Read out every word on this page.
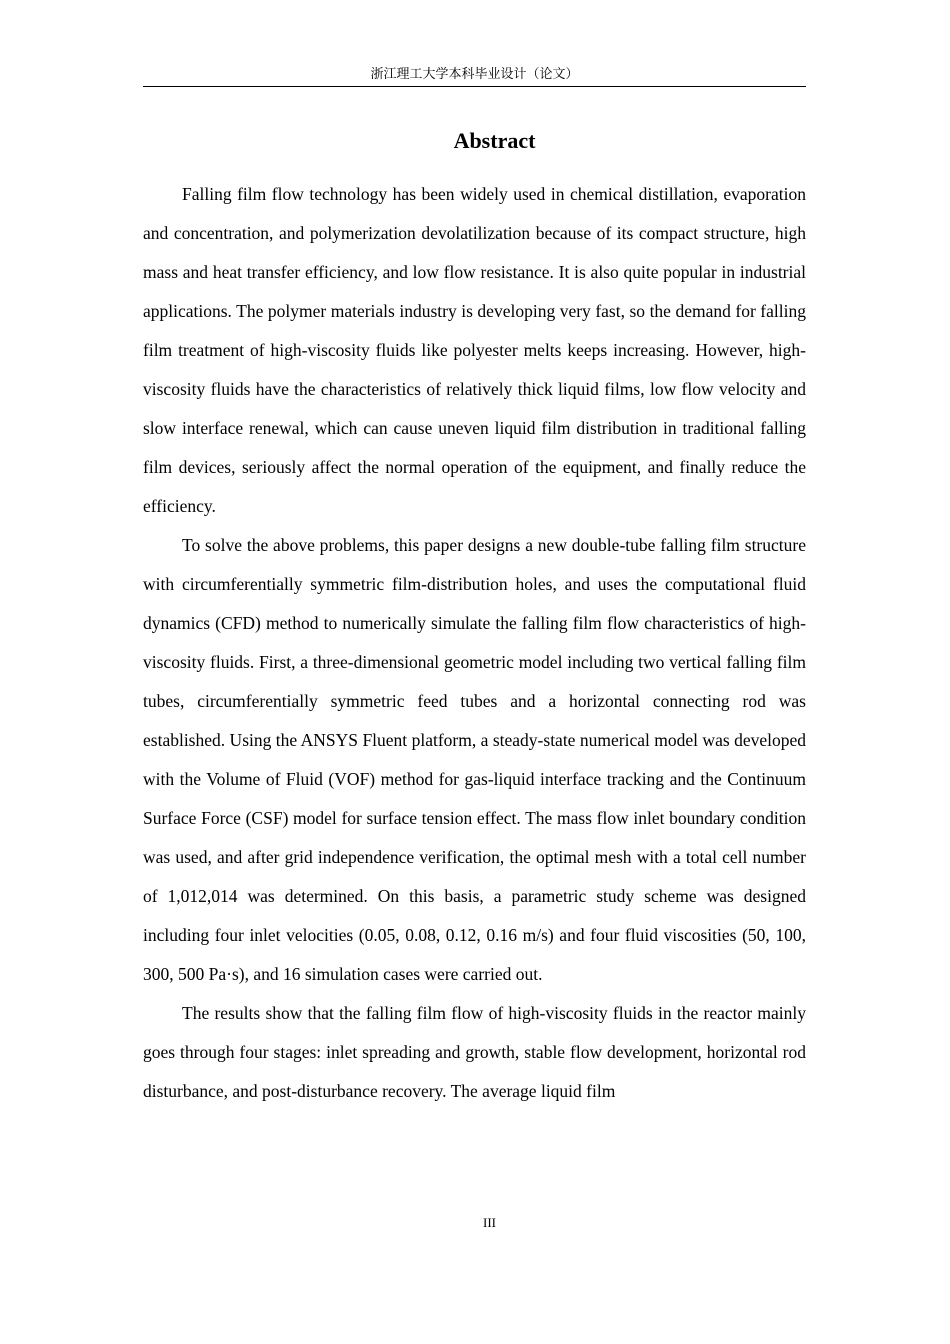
浙江理工大学本科毕业设计（论文）
Abstract

Falling film flow technology has been widely used in chemical distillation, evaporation and concentration, and polymerization devolatilization because of its compact structure, high mass and heat transfer efficiency, and low flow resistance. It is also quite popular in industrial applications. The polymer materials industry is developing very fast, so the demand for falling film treatment of high-viscosity fluids like polyester melts keeps increasing. However, high-viscosity fluids have the characteristics of relatively thick liquid films, low flow velocity and slow interface renewal, which can cause uneven liquid film distribution in traditional falling film devices, seriously affect the normal operation of the equipment, and finally reduce the efficiency.

To solve the above problems, this paper designs a new double-tube falling film structure with circumferentially symmetric film-distribution holes, and uses the computational fluid dynamics (CFD) method to numerically simulate the falling film flow characteristics of high-viscosity fluids. First, a three-dimensional geometric model including two vertical falling film tubes, circumferentially symmetric feed tubes and a horizontal connecting rod was established. Using the ANSYS Fluent platform, a steady-state numerical model was developed with the Volume of Fluid (VOF) method for gas-liquid interface tracking and the Continuum Surface Force (CSF) model for surface tension effect. The mass flow inlet boundary condition was used, and after grid independence verification, the optimal mesh with a total cell number of 1,012,014 was determined. On this basis, a parametric study scheme was designed including four inlet velocities (0.05, 0.08, 0.12, 0.16 m/s) and four fluid viscosities (50, 100, 300, 500 Pa·s), and 16 simulation cases were carried out.

The results show that the falling film flow of high-viscosity fluids in the reactor mainly goes through four stages: inlet spreading and growth, stable flow development, horizontal rod disturbance, and post-disturbance recovery. The average liquid film

III
